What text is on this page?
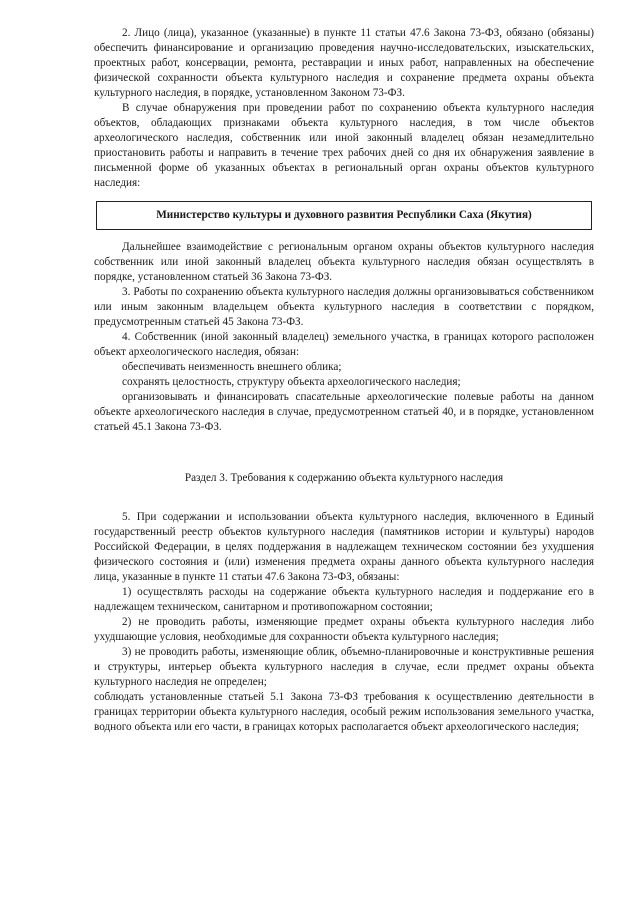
2. Лицо (лица), указанное (указанные) в пункте 11 статьи 47.6 Закона 73-ФЗ, обязано (обязаны) обеспечить финансирование и организацию проведения научно-исследовательских, изыскательских, проектных работ, консервации, ремонта, реставрации и иных работ, направленных на обеспечение физической сохранности объекта культурного наследия и сохранение предмета охраны объекта культурного наследия, в порядке, установленном Законом 73-ФЗ.

В случае обнаружения при проведении работ по сохранению объекта культурного наследия объектов, обладающих признаками объекта культурного наследия, в том числе объектов археологического наследия, собственник или иной законный владелец обязан незамедлительно приостановить работы и направить в течение трех рабочих дней со дня их обнаружения заявление в письменной форме об указанных объектах в региональный орган охраны объектов культурного наследия:

Министерство культуры и духовного развития Республики Саха (Якутия)

Дальнейшее взаимодействие с региональным органом охраны объектов культурного наследия собственник или иной законный владелец объекта культурного наследия обязан осуществлять в порядке, установленном статьей 36 Закона 73-ФЗ.

3. Работы по сохранению объекта культурного наследия должны организовываться собственником или иным законным владельцем объекта культурного наследия в соответствии с порядком, предусмотренным статьей 45 Закона 73-ФЗ.

4. Собственник (иной законный владелец) земельного участка, в границах которого расположен объект археологического наследия, обязан:

обеспечивать неизменность внешнего облика;

сохранять целостность, структуру объекта археологического наследия;

организовывать и финансировать спасательные археологические полевые работы на данном объекте археологического наследия в случае, предусмотренном статьей 40, и в порядке, установленном статьей 45.1 Закона 73-ФЗ.

Раздел 3. Требования к содержанию объекта культурного наследия

5. При содержании и использовании объекта культурного наследия, включенного в Единый государственный реестр объектов культурного наследия (памятников истории и культуры) народов Российской Федерации, в целях поддержания в надлежащем техническом состоянии без ухудшения физического состояния и (или) изменения предмета охраны данного объекта культурного наследия лица, указанные в пункте 11 статьи 47.6 Закона 73-ФЗ, обязаны:

1) осуществлять расходы на содержание объекта культурного наследия и поддержание его в надлежащем техническом, санитарном и противопожарном состоянии;

2) не проводить работы, изменяющие предмет охраны объекта культурного наследия либо ухудшающие условия, необходимые для сохранности объекта культурного наследия;

3) не проводить работы, изменяющие облик, объемно-планировочные и конструктивные решения и структуры, интерьер объекта культурного наследия в случае, если предмет охраны объекта культурного наследия не определен;

соблюдать установленные статьей 5.1 Закона 73-ФЗ требования к осуществлению деятельности в границах территории объекта культурного наследия, особый режим использования земельного участка, водного объекта или его части, в границах которых располагается объект археологического наследия;
